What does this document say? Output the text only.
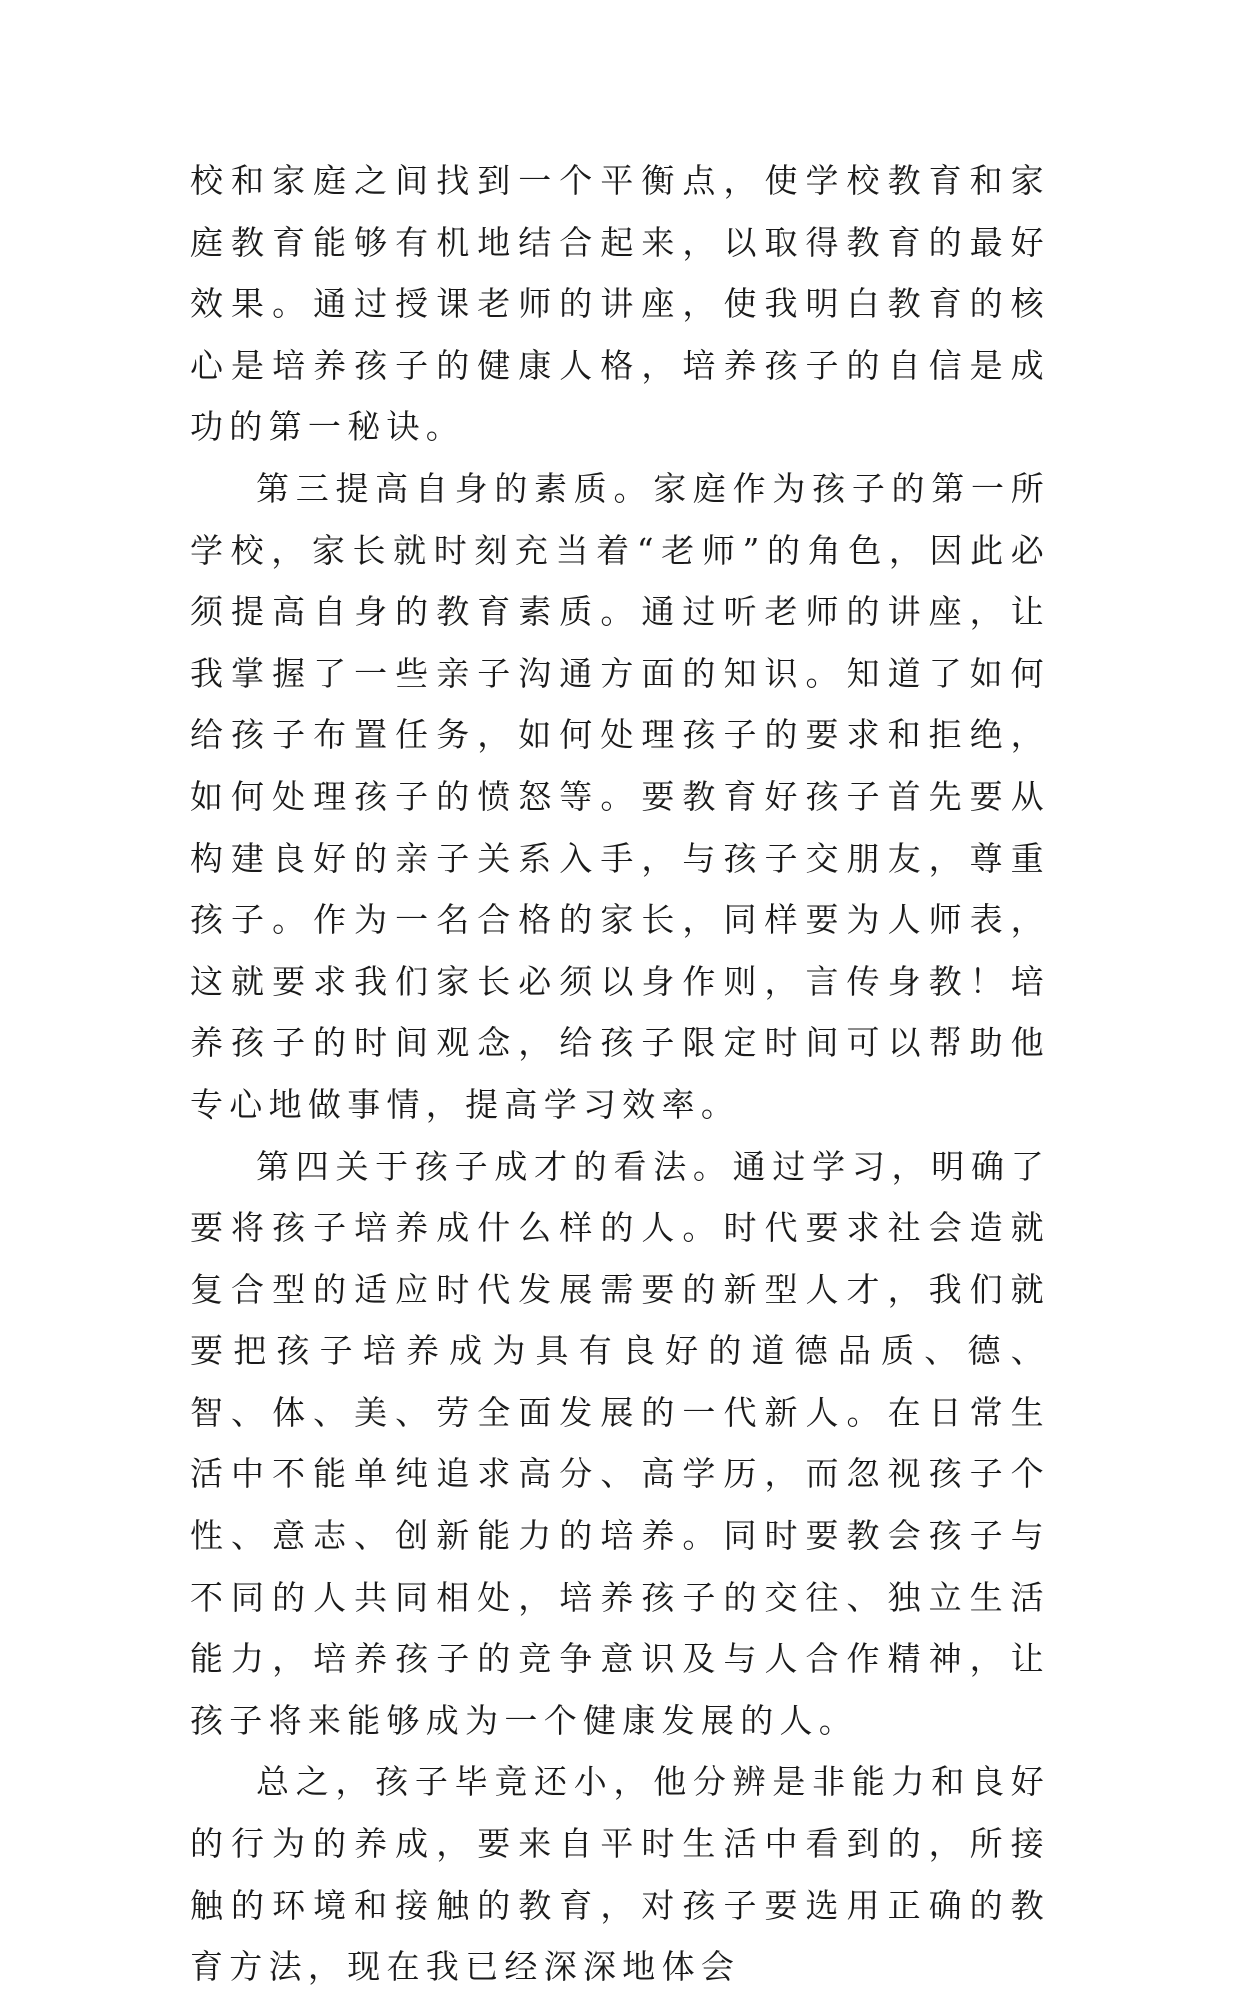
校和家庭之间找到一个平衡点，使学校教育和家庭教育能够有机地结合起来，以取得教育的最好效果。通过授课老师的讲座，使我明白教育的核心是培养孩子的健康人格，培养孩子的自信是成功的第一秘诀。

第三提高自身的素质。家庭作为孩子的第一所学校，家长就时刻充当着“老师”的角色，因此必须提高自身的教育素质。通过听老师的讲座，让我掌握了一些亲子沟通方面的知识。知道了如何给孩子布置任务，如何处理孩子的要求和拒绝，如何处理孩子的愤怒等。要教育好孩子首先要从构建良好的亲子关系入手，与孩子交朋友，尊重孩子。作为一名合格的家长，同样要为人师表，这就要求我们家长必须以身作则，言传身教！培养孩子的时间观念，给孩子限定时间可以帮助他专心地做事情，提高学习效率。

第四关于孩子成才的看法。通过学习，明确了要将孩子培养成什么样的人。时代要求社会造就复合型的适应时代发展需要的新型人才，我们就要把孩子培养成为具有良好的道德品质、德、智、体、美、劳全面发展的一代新人。在日常生活中不能单纯追求高分、高学历，而忽视孩子个性、意志、创新能力的培养。同时要教会孩子与不同的人共同相处，培养孩子的交往、独立生活能力，培养孩子的竞争意识及与人合作精神，让孩子将来能够成为一个健康发展的人。

总之，孩子毕竟还小，他分辨是非能力和良好的行为的养成，要来自平时生活中看到的，所接触的环境和接触的教育，对孩子要选用正确的教育方法，现在我已经深深地体会
